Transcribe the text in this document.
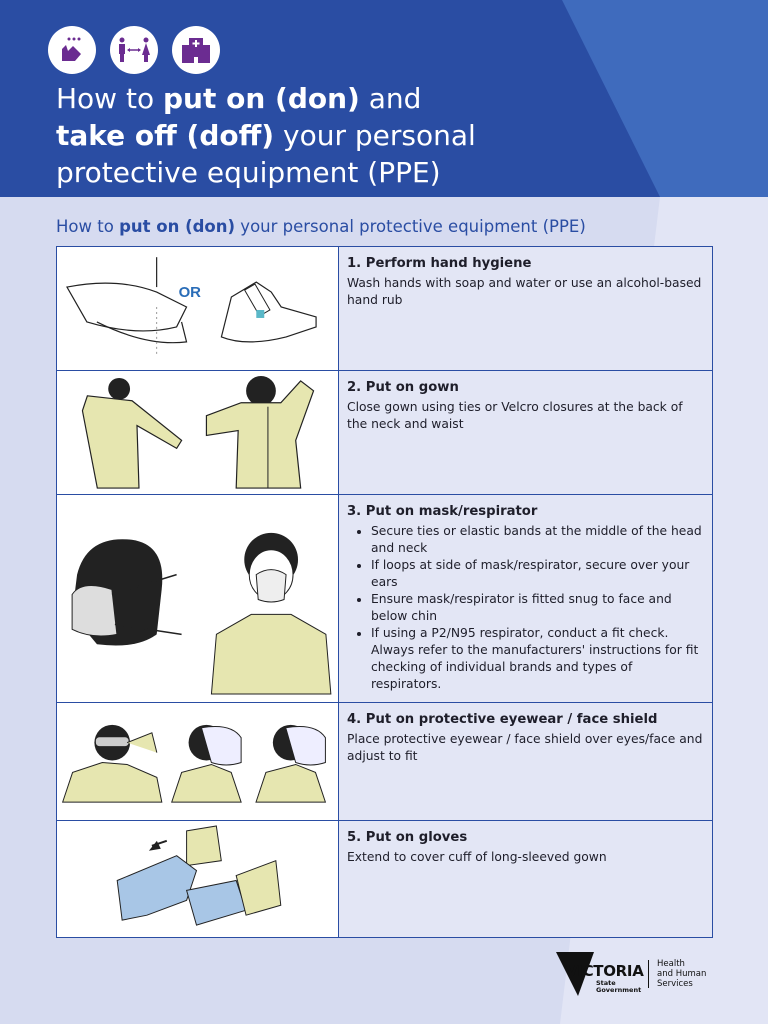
How to put on (don) and
take off (doff) your personal
protective equipment (PPE)
How to put on (don) your personal protective equipment (PPE)
OR
1. Perform hand hygiene

Wash hands with soap and water or use an alcohol-based hand rub

2. Put on gown

Close gown using ties or Velcro closures at the back of the neck and waist

3. Put on mask/respirator
• Secure ties or elastic bands at the middle of the head and neck
• If loops at side of mask/respirator, secure over your ears
• Ensure mask/respirator is fitted snug to face and below chin
• If using a P2/N95 respirator, conduct a fit check. Always refer to the manufacturers' instructions for fit checking of individual brands and types of respirators.
4. Put on protective eyewear / face shield

Place protective eyewear / face shield over eyes/face and adjust to fit

5. Put on gloves

Extend to cover cuff of long-sleeved gown

VICTORIA
State
Government
Health
and Human
Services
